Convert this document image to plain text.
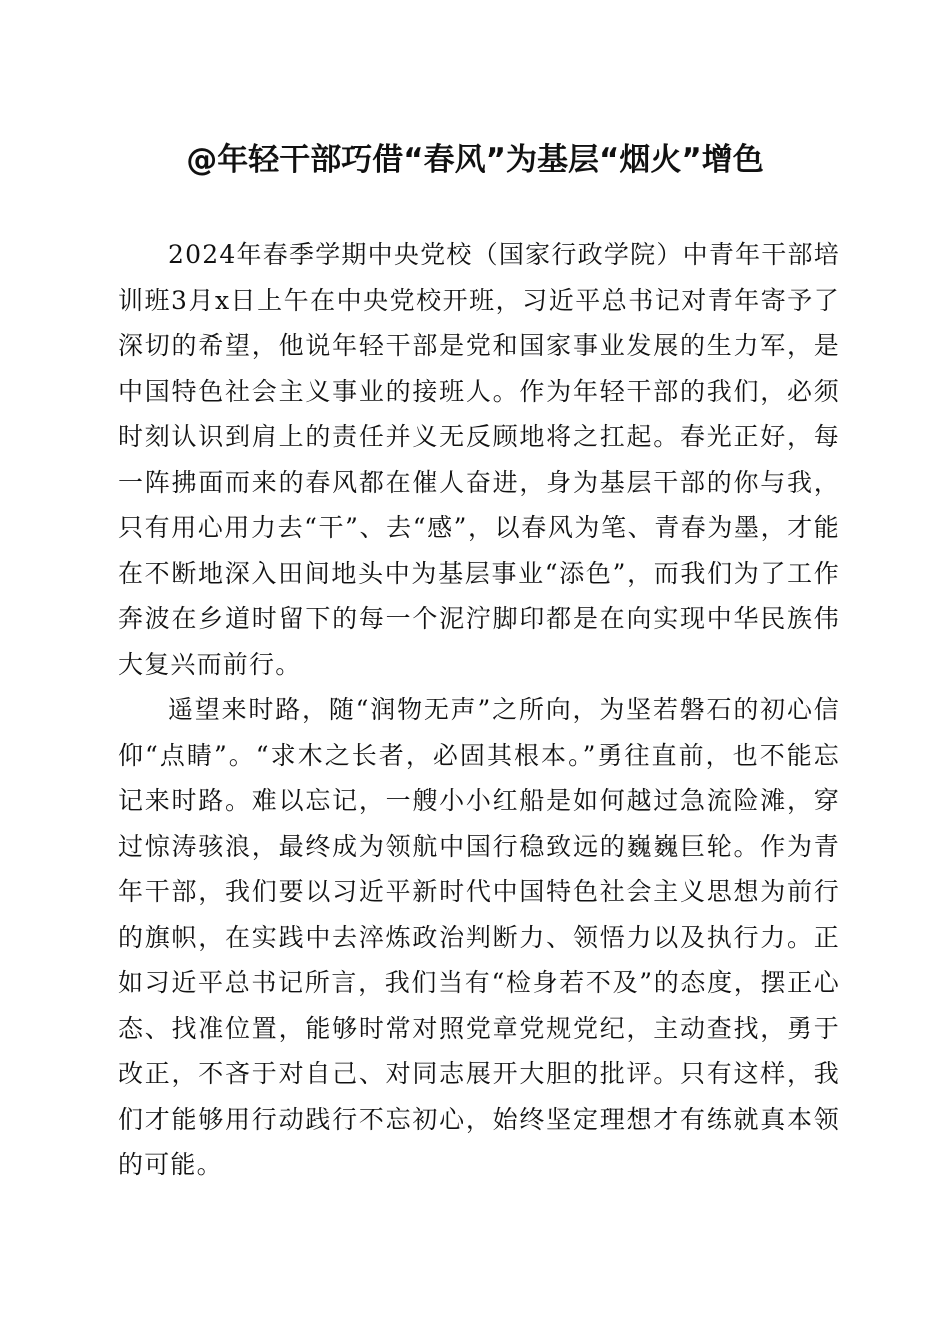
@年轻干部巧借“春风”为基层“烟火”增色

2024年春季学期中央党校（国家行政学院）中青年干部培训班3月x日上午在中央党校开班，习近平总书记对青年寄予了深切的希望，他说年轻干部是党和国家事业发展的生力军，是中国特色社会主义事业的接班人。作为年轻干部的我们，必须时刻认识到肩上的责任并义无反顾地将之扛起。春光正好，每一阵拂面而来的春风都在催人奋进，身为基层干部的你与我，只有用心用力去“干”、去“感”，以春风为笔、青春为墨，才能在不断地深入田间地头中为基层事业“添色”，而我们为了工作奔波在乡道时留下的每一个泥泞脚印都是在向实现中华民族伟大复兴而前行。

遥望来时路，随“润物无声”之所向，为坚若磐石的初心信仰“点睛”。“求木之长者，必固其根本。”勇往直前，也不能忘记来时路。难以忘记，一艘小小红船是如何越过急流险滩，穿过惊涛骇浪，最终成为领航中国行稳致远的巍巍巨轮。作为青年干部，我们要以习近平新时代中国特色社会主义思想为前行的旗帜，在实践中去淬炼政治判断力、领悟力以及执行力。正如习近平总书记所言，我们当有“检身若不及”的态度，摆正心态、找准位置，能够时常对照党章党规党纪，主动查找，勇于改正，不吝于对自己、对同志展开大胆的批评。只有这样，我们才能够用行动践行不忘初心，始终坚定理想才有练就真本领的可能。
